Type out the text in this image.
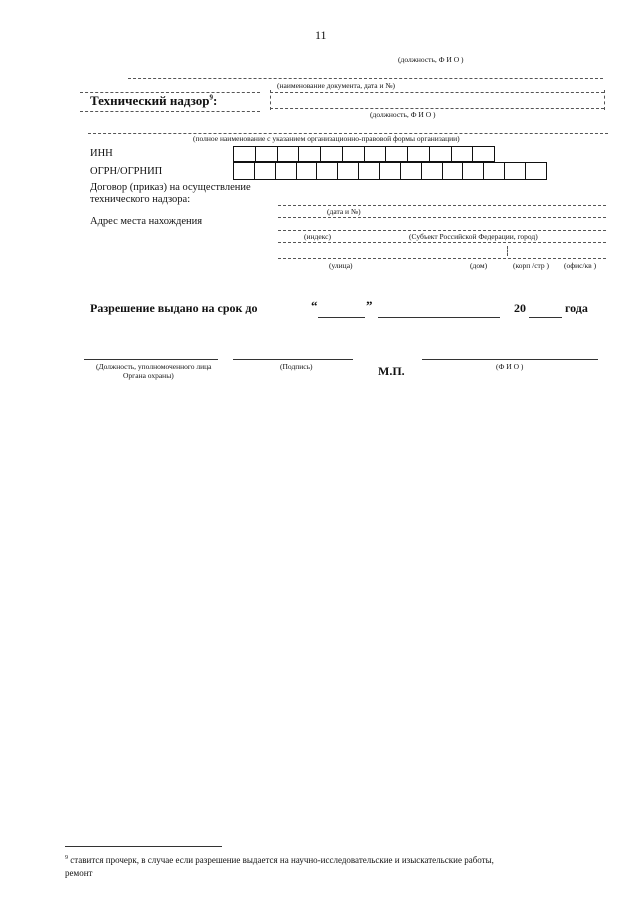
11
(должность, Ф И О )
(наименование документа, дата и №)
Технический надзор$^9$:
(должность, Ф И О )
(полное наименование с указанием организационно-правовой формы организации)
ИНН
ОГРН/ОГРНИП
Договор (приказ) на осуществление
технического надзора:
(дата и №)
Адрес места нахождения
(индекс)	(Субъект Российской Федерации, город)
(улица)	(дом)	(корп /стр ) (офис/кв )
Разрешение выдано на срок до	“	”	20	года
(Должность, уполномоченного лица
Органа охраны)
(Подпись)	М.П.	(Ф И О )
$^9$ ставится прочерк, в случае если разрешение выдается на научно-исследовательские и изыскательские работы,
ремонт
